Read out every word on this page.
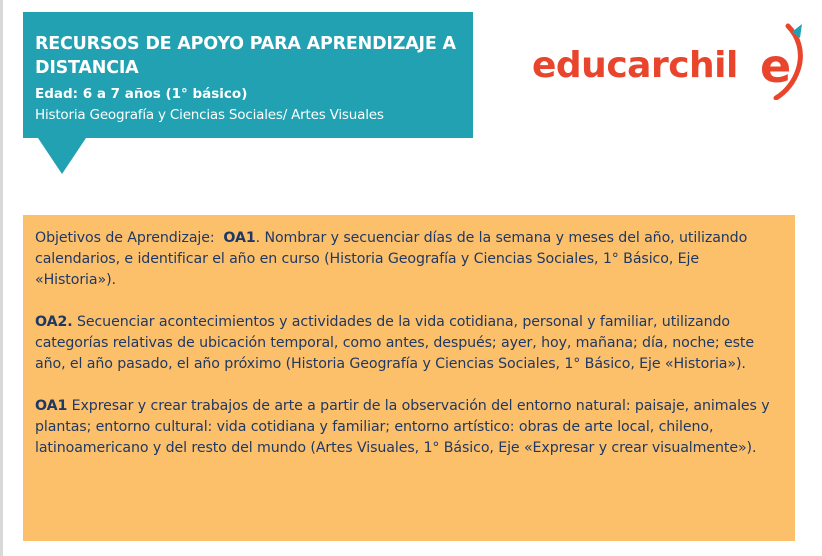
RECURSOS DE APOYO PARA APRENDIZAJE A DISTANCIA
Edad: 6 a 7 años (1° básico)
Historia Geografía y Ciencias Sociales/ Artes Visuales
educarchil e

Objetivos de Aprendizaje: OA1. Nombrar y secuenciar días de la semana y meses del año, utilizando calendarios, e identificar el año en curso (Historia Geografía y Ciencias Sociales, 1° Básico, Eje «Historia»).

OA2. Secuenciar acontecimientos y actividades de la vida cotidiana, personal y familiar, utilizando categorías relativas de ubicación temporal, como antes, después; ayer, hoy, mañana; día, noche; este año, el año pasado, el año próximo (Historia Geografía y Ciencias Sociales, 1° Básico, Eje «Historia»).

OA1 Expresar y crear trabajos de arte a partir de la observación del entorno natural: paisaje, animales y plantas; entorno cultural: vida cotidiana y familiar; entorno artístico: obras de arte local, chileno, latinoamericano y del resto del mundo (Artes Visuales, 1° Básico, Eje «Expresar y crear visualmente»).
